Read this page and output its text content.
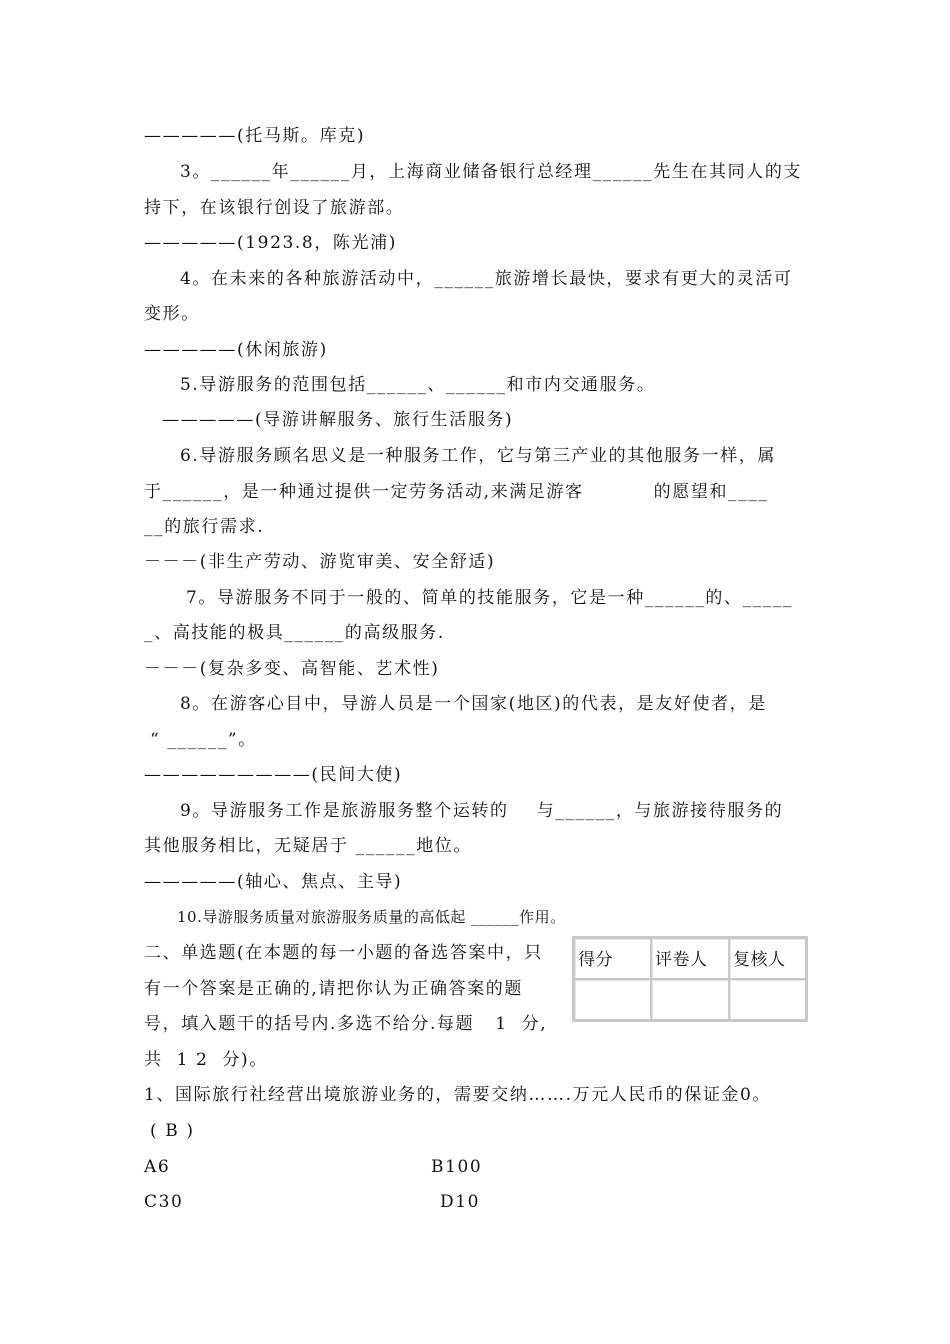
—————(托马斯。库克)
3。______年______月，上海商业储备银行总经理______先生在其同人的支
持下，在该银行创设了旅游部。
—————(1923.8，陈光浦)
4。在未来的各种旅游活动中，______旅游增长最快，要求有更大的灵活可
变形。
—————(休闲旅游)
5.导游服务的范围包括______、______和市内交通服务。
—————(导游讲解服务、旅行生活服务)
6.导游服务顾名思义是一种服务工作，它与第三产业的其他服务一样，属
于______，是一种通过提供一定劳务活动,来满足游客          的愿望和____
__的旅行需求.
－－－(非生产劳动、游览审美、安全舒适)
7。导游服务不同于一般的、简单的技能服务，它是一种______的、_____
_、高技能的极具______的高级服务.
－－－(复杂多变、高智能、艺术性)
8。在游客心目中，导游人员是一个国家(地区)的代表，是友好使者，是
“ ______”。
—————————(民间大使)
9。导游服务工作是旅游服务整个运转的    与______，与旅游接待服务的
其他服务相比，无疑居于 ______地位。
—————(轴心、焦点、主导)
10.导游服务质量对旅游服务质量的高低起 ______作用。
二、单选题(在本题的每一小题的备选答案中，只
有一个答案是正确的,请把你认为正确答案的题
号，填入题干的括号内.多选不给分.每题   1  分,
共  1 2  分)。
得分	评卷人	复核人
1、国际旅行社经营出境旅游业务的，需要交纳…….万元人民币的保证金0。
( B )
A6	B100
C30	D10
